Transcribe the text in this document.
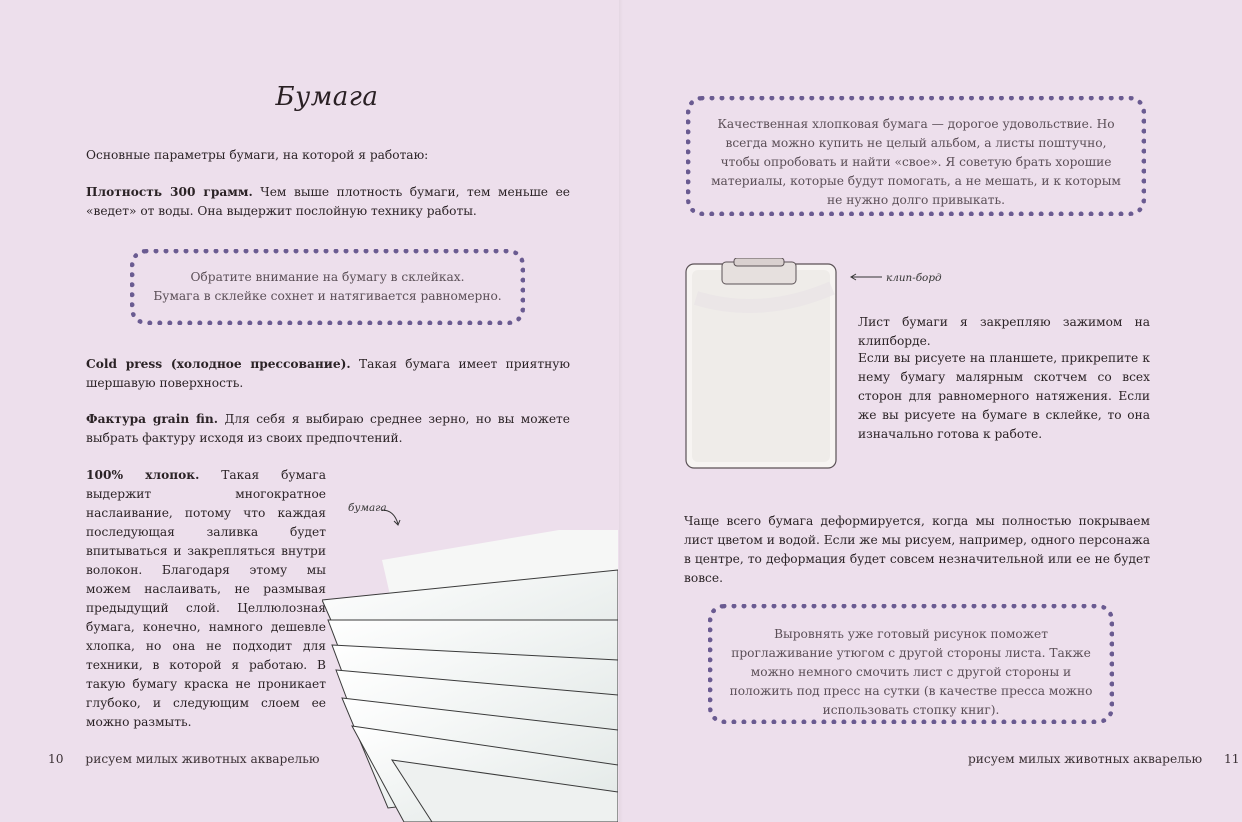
Бумага
Основные параметры бумаги, на которой я работаю:
Плотность 300 грамм. Чем выше плотность бумаги, тем меньше ее «ведет» от воды. Она выдержит послойную технику работы.
Обратите внимание на бумагу в склейках.
Бумага в склейке сохнет и натягивается равномерно.
Cold press (холодное прессование). Такая бумага имеет приятную шершавую поверхность.
Фактура grain fin. Для себя я выбираю среднее зерно, но вы можете выбрать фактуру исходя из своих предпочтений.
100% хлопок. Такая бумага выдержит многократное наслаивание, потому что каждая последующая заливка будет впитываться и закрепляться внутри волокон. Благодаря этому мы можем наслаивать, не размывая предыдущий слой. Целлюлозная бумага, конечно, намного дешевле хлопка, но она не подходит для техники, в которой я работаю. В такую бумагу краска не проникает глубоко, и следующим слоем ее можно размыть.
бумага
10 рисуем милых животных акварелью
Качественная хлопковая бумага — дорогое удовольствие. Но всегда можно купить не целый альбом, а листы поштучно, чтобы опробовать и найти «свое». Я советую брать хорошие материалы, которые будут помогать, а не мешать, и к которым не нужно долго привыкать.
клип-борд
Лист бумаги я закрепляю зажимом на клипборде.
Если вы рисуете на планшете, прикрепите к нему бумагу малярным скотчем со всех сторон для равномерного натяжения. Если же вы рисуете на бумаге в склейке, то она изначально готова к работе.
Чаще всего бумага деформируется, когда мы полностью покрываем лист цветом и водой. Если же мы рисуем, например, одного персонажа в центре, то деформация будет совсем незначительной или ее не будет вовсе.
Выровнять уже готовый рисунок поможет проглаживание утюгом с другой стороны листа. Также можно немного смочить лист с другой стороны и положить под пресс на сутки (в качестве пресса можно использовать стопку книг).
рисуем милых животных акварелью 11
